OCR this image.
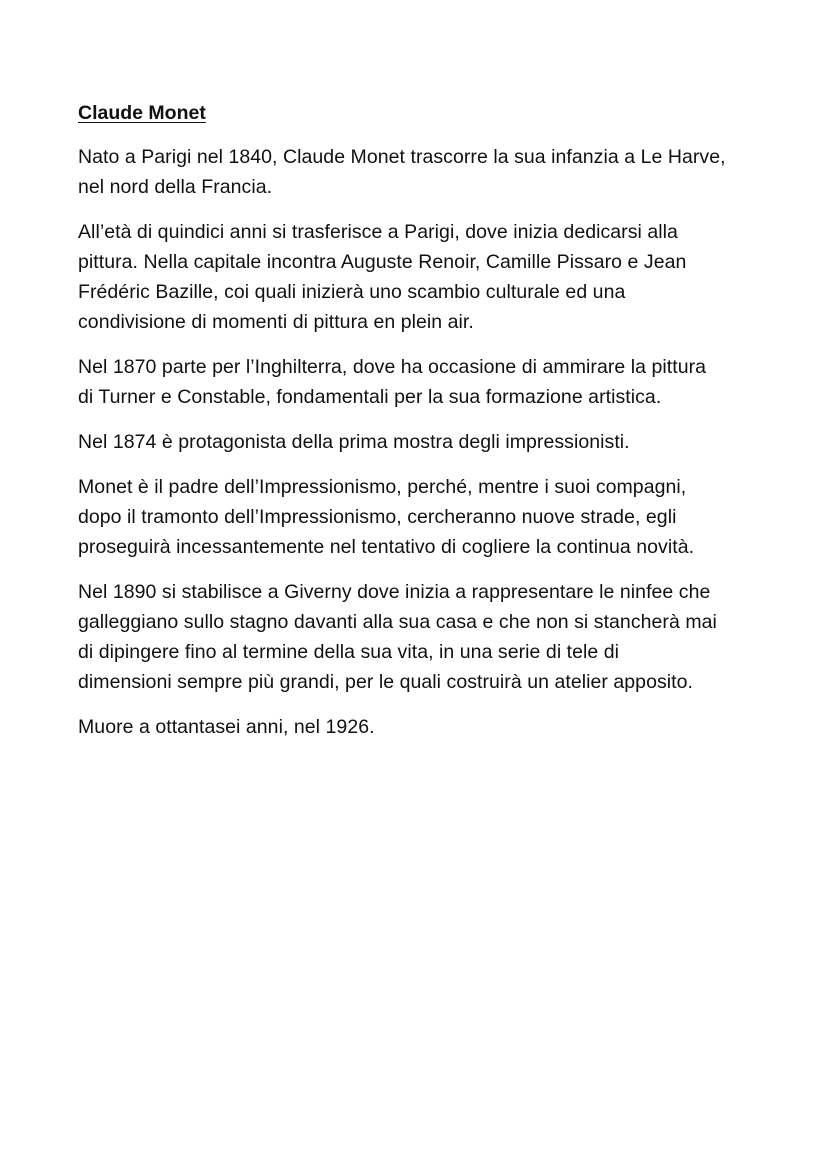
Claude Monet

Nato a Parigi nel 1840, Claude Monet trascorre la sua infanzia a Le Harve,
nel nord della Francia.

All’età di quindici anni si trasferisce a Parigi, dove inizia dedicarsi alla
pittura. Nella capitale incontra Auguste Renoir, Camille Pissaro e Jean
Frédéric Bazille, coi quali inizierà uno scambio culturale ed una
condivisione di momenti di pittura en plein air.

Nel 1870 parte per l’Inghilterra, dove ha occasione di ammirare la pittura
di Turner e Constable, fondamentali per la sua formazione artistica.

Nel 1874 è protagonista della prima mostra degli impressionisti.

Monet è il padre dell’Impressionismo, perché, mentre i suoi compagni,
dopo il tramonto dell’Impressionismo, cercheranno nuove strade, egli
proseguirà incessantemente nel tentativo di cogliere la continua novità.

Nel 1890 si stabilisce a Giverny dove inizia a rappresentare le ninfee che
galleggiano sullo stagno davanti alla sua casa e che non si stancherà mai
di dipingere fino al termine della sua vita, in una serie di tele di
dimensioni sempre più grandi, per le quali costruirà un atelier apposito.

Muore a ottantasei anni, nel 1926.
